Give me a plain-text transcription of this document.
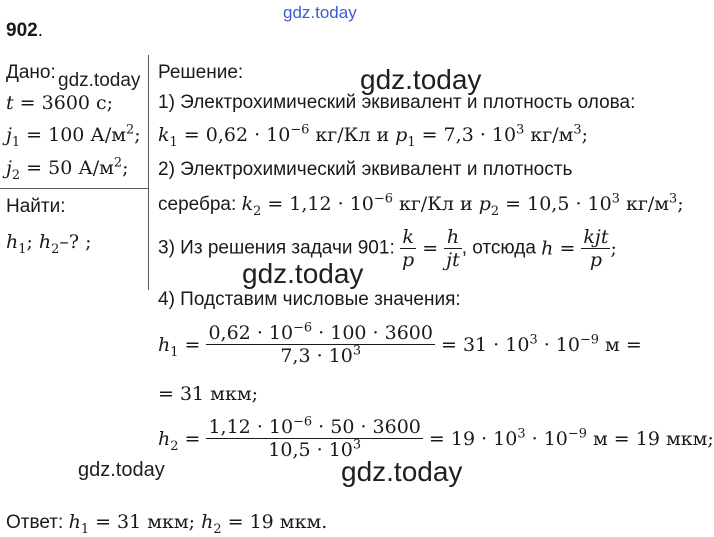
gdz.today
gdz.today	gdz.today
gdz.today
gdz.today	gdz.today
902.
Дано:
t = 3600 с;
$j_1 = 100$ $А/м^2$;
$j_2 = 50$ $А/м^2$;
Найти:
$h_1$; $h_2-$? ;
Решение:
1) Электрохимический эквивалент и плотность олова:
$k_1 = 0,62 \cdot 10^{-6}$ кг/Кл и $p_1 = 7,3 \cdot 10^3$ $кг/м^3$;
2) Электрохимический эквивалент и плотность
серебра: $k_2 = 1,12 \cdot 10^{-6}$ кг/Кл и $p_2 = 10,5 \cdot 10^3$ $кг/м^3$;
3) Из решения задачи 901: $\frac{k}{p} = \frac{h}{jt}$ , отсюда $h = \frac{\text{kjt}}{p}$ ;
4) Подставим числовые значения:
$h_1 = \frac{0,62 \cdot 10^{-6} \cdot 100 \cdot 3600}{7,3 \cdot 10^3} = 31 \cdot 10^3 \cdot 10^{-9}$ м =
= 31 мкм;
$h_2 = \frac{1,12 \cdot 10^{-6} \cdot 50 \cdot 3600}{10,5 \cdot 10^3} = 19 \cdot 10^3 \cdot 10^{-9}$ м = 19 мкм;
Ответ: $h_1 = 31$ мкм; $h_2 = 19$ мкм.
